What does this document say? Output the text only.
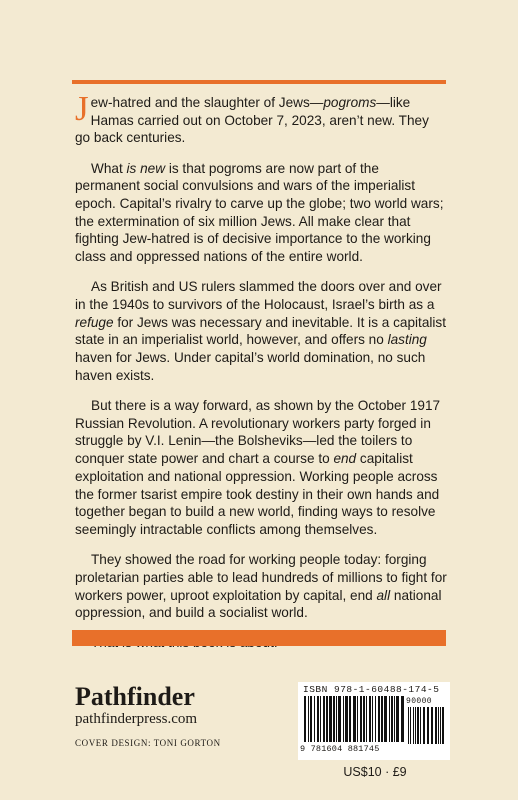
Jew-hatred and the slaughter of Jews—pogroms—like Hamas carried out on October 7, 2023, aren’t new. They go back centuries.

What is new is that pogroms are now part of the permanent social convulsions and wars of the imperialist epoch. Capital’s rivalry to carve up the globe; two world wars; the extermination of six million Jews. All make clear that fighting Jew-hatred is of decisive importance to the working class and oppressed nations of the entire world.

As British and US rulers slammed the doors over and over in the 1940s to survivors of the Holocaust, Israel’s birth as a refuge for Jews was necessary and inevitable. It is a capitalist state in an imperialist world, however, and offers no lasting haven for Jews. Under capital’s world domination, no such haven exists.

But there is a way forward, as shown by the October 1917 Russian Revolution. A revolutionary workers party forged in struggle by V.I. Lenin—the Bolsheviks—led the toilers to conquer state power and chart a course to end capitalist exploitation and national oppression. Working people across the former tsarist empire took destiny in their own hands and together began to build a new world, finding ways to resolve seemingly intractable conflicts among themselves.

They showed the road for working people today: forging proletarian parties able to lead hundreds of millions to fight for workers power, uproot exploitation by capital, end all national oppression, and build a socialist world.

Pathfinder
pathfinderpress.com
COVER DESIGN: TONI GORTON
ISBN 978-1-60488-174-5
90000
9 781604 881745
US$10 · £9
